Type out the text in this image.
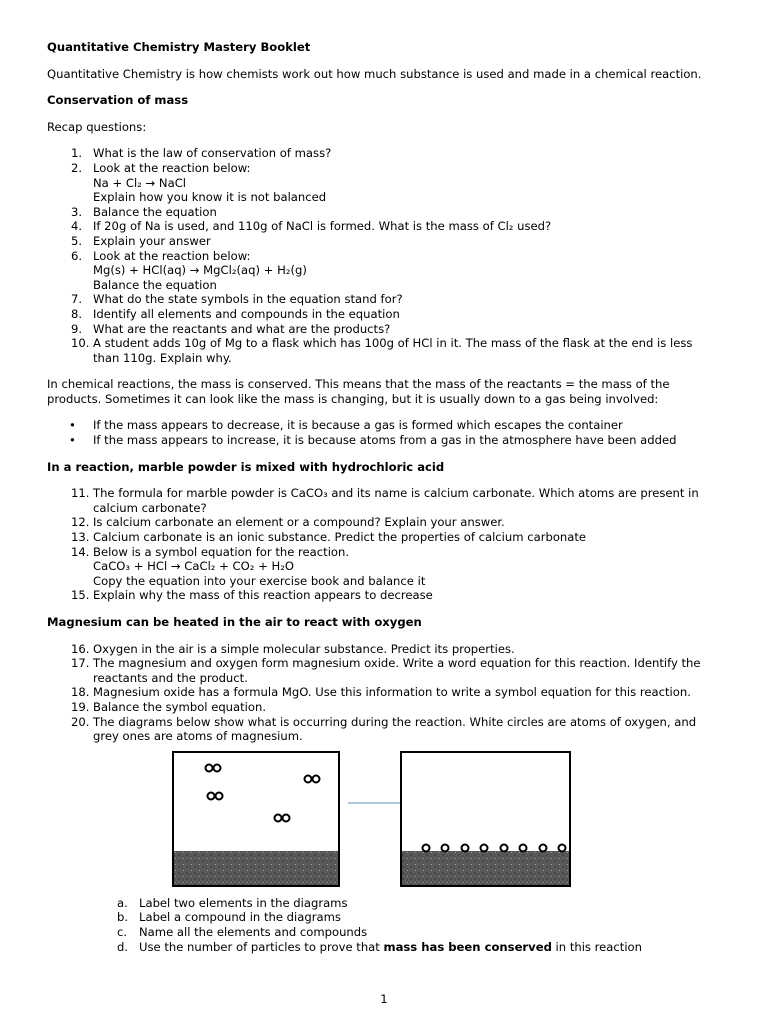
Quantitative Chemistry Mastery Booklet

Quantitative Chemistry is how chemists work out how much substance is used and made in a chemical reaction.

Conservation of mass

Recap questions:

1. What is the law of conservation of mass?
2. Look at the reaction below:
Na + Cl₂ → NaCl
Explain how you know it is not balanced
3. Balance the equation
4. If 20g of Na is used, and 110g of NaCl is formed. What is the mass of Cl₂ used?
5. Explain your answer
6. Look at the reaction below:
Mg(s) + HCl(aq) → MgCl₂(aq) + H₂(g)
Balance the equation
7. What do the state symbols in the equation stand for?
8. Identify all elements and compounds in the equation
9. What are the reactants and what are the products?
10. A student adds 10g of Mg to a flask which has 100g of HCl in it. The mass of the flask at the end is less
than 110g. Explain why.
In chemical reactions, the mass is conserved. This means that the mass of the reactants = the mass of the
products. Sometimes it can look like the mass is changing, but it is usually down to a gas being involved:
•
If the mass appears to decrease, it is because a gas is formed which escapes the container
•
If the mass appears to increase, it is because atoms from a gas in the atmosphere have been added

In a reaction, marble powder is mixed with hydrochloric acid

11. The formula for marble powder is CaCO₃ and its name is calcium carbonate. Which atoms are present in
calcium carbonate?
12. Is calcium carbonate an element or a compound? Explain your answer.
13. Calcium carbonate is an ionic substance. Predict the properties of calcium carbonate
14. Below is a symbol equation for the reaction.
CaCO₃ + HCl → CaCl₂ + CO₂ + H₂O
Copy the equation into your exercise book and balance it
15. Explain why the mass of this reaction appears to decrease

Magnesium can be heated in the air to react with oxygen

16. Oxygen in the air is a simple molecular substance. Predict its properties.
17. The magnesium and oxygen form magnesium oxide. Write a word equation for this reaction. Identify the
reactants and the product.
18. Magnesium oxide has a formula MgO. Use this information to write a symbol equation for this reaction.
19. Balance the symbol equation.
20. The diagrams below show what is occurring during the reaction. White circles are atoms of oxygen, and
grey ones are atoms of magnesium.
a. Label two elements in the diagrams
b. Label a compound in the diagrams
c.	Name all the elements and compounds
d. Use the number of particles to prove that mass has been conserved in this reaction
1
